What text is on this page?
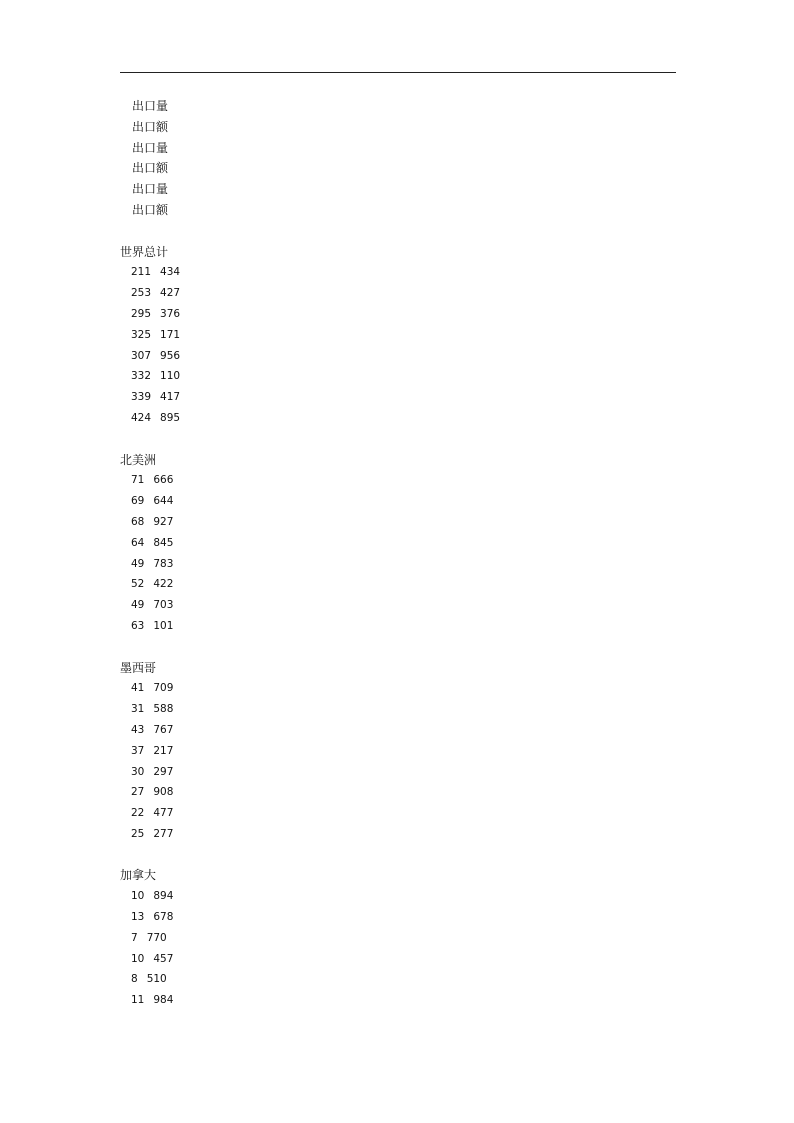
出口量
出口额
出口量
出口额
出口量
出口额
世界总计
211 434
253 427
295 376
325 171
307 956
332 110
339 417
424 895
北美洲
71 666
69 644
68 927
64 845
49 783
52 422
49 703
63 101
墨西哥
41 709
31 588
43 767
37 217
30 297
27 908
22 477
25 277
加拿大
10 894
13 678
7 770
10 457
8 510
11 984
